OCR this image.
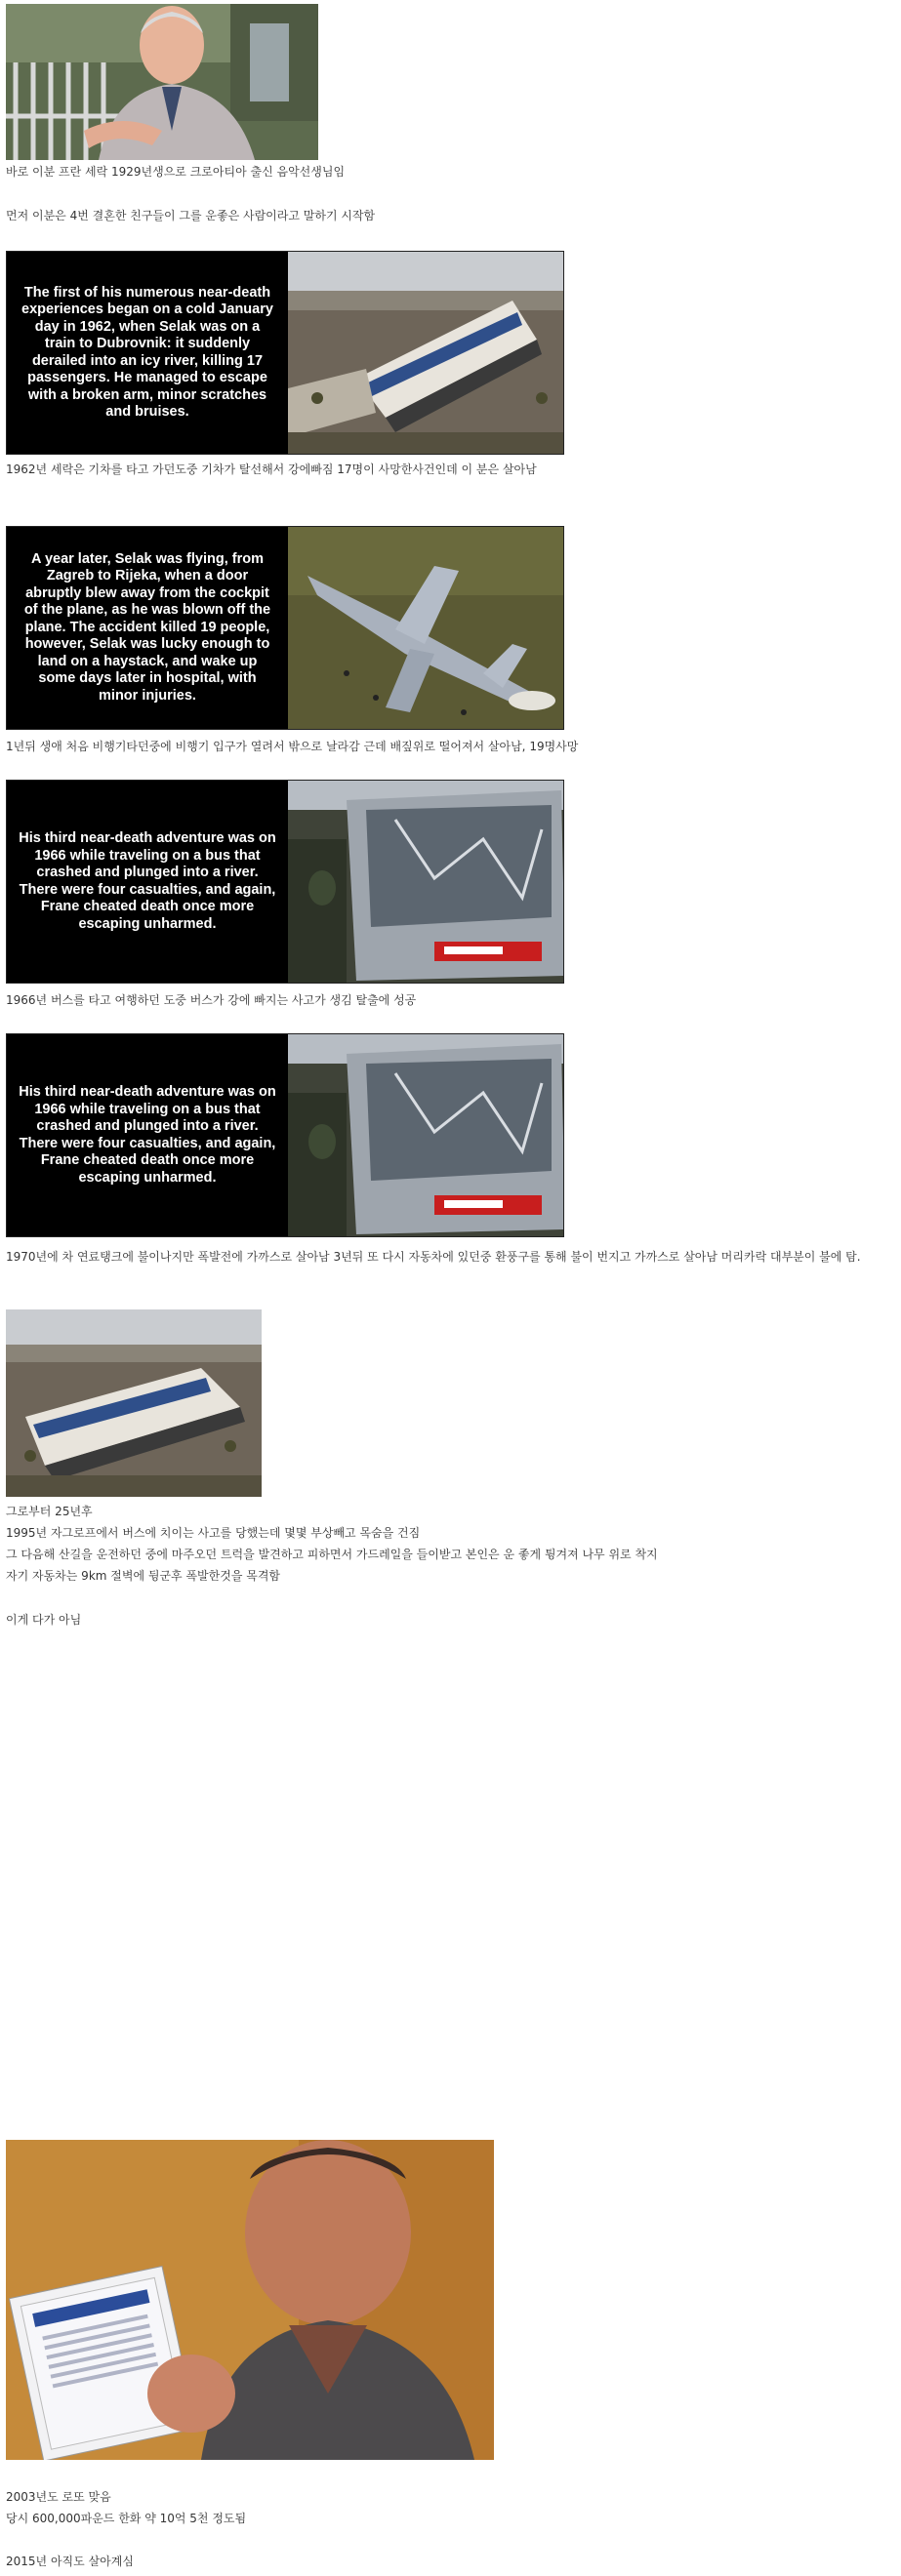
바로 이분 프란 세락 1929년생으로 크로아티아 출신 음악선생님임
먼저 이분은 4번 결혼한 친구들이 그를 운좋은 사람이라고 말하기 시작함
The first of his numerous near-death experiences began on a cold January day in 1962, when Selak was on a train to Dubrovnik: it suddenly derailed into an icy river, killing 17 passengers. He managed to escape with a broken arm, minor scratches and bruises.
1962년 세락은 기차를 타고 가던도중 기차가 탈선해서 강에빠짐 17명이 사망한사건인데 이 분은 살아남
A year later, Selak was flying, from Zagreb to Rijeka, when a door abruptly blew away from the cockpit of the plane, as he was blown off the plane. The accident killed 19 people, however, Selak was lucky enough to land on a haystack, and wake up some days later in hospital, with minor injuries.
1년뒤 생애 처음 비행기타던중에 비행기 입구가 열려서 밖으로 날라감 근데 배짚위로 떨어져서 살아남, 19명사망
His third near-death adventure was on 1966 while traveling on a bus that crashed and plunged into a river. There were four casualties, and again, Frane cheated death once more escaping unharmed.
1966년 버스를 타고 여행하던 도중 버스가 강에 빠지는 사고가 생김 탈출에 성공
His third near-death adventure was on 1966 while traveling on a bus that crashed and plunged into a river. There were four casualties, and again, Frane cheated death once more escaping unharmed.
1970년에 차 연료탱크에 불이나지만 폭발전에 가까스로 살아남 3년뒤 또 다시 자동차에 있던중 환풍구를 통해 불이 번지고 가까스로 살아남 머리카락 대부분이 불에 탐.
그로부터 25년후
1995년 자그로프에서 버스에 치이는 사고를 당했는데 몇몇 부상빼고 목숨을 건짐
그 다음해 산길을 운전하던 중에 마주오던 트럭을 발견하고 피하면서 가드레일을 들이받고 본인은 운 좋게 튕겨져 나무 위로 착지
자기 자동차는 9km 절벽에 뒹군후 폭발한것을 목격함
이게 다가 아님
2003년도 로또 맞음
당시 600,000파운드 한화 약 10억 5천 정도됨
2015년 아직도 살아계심
